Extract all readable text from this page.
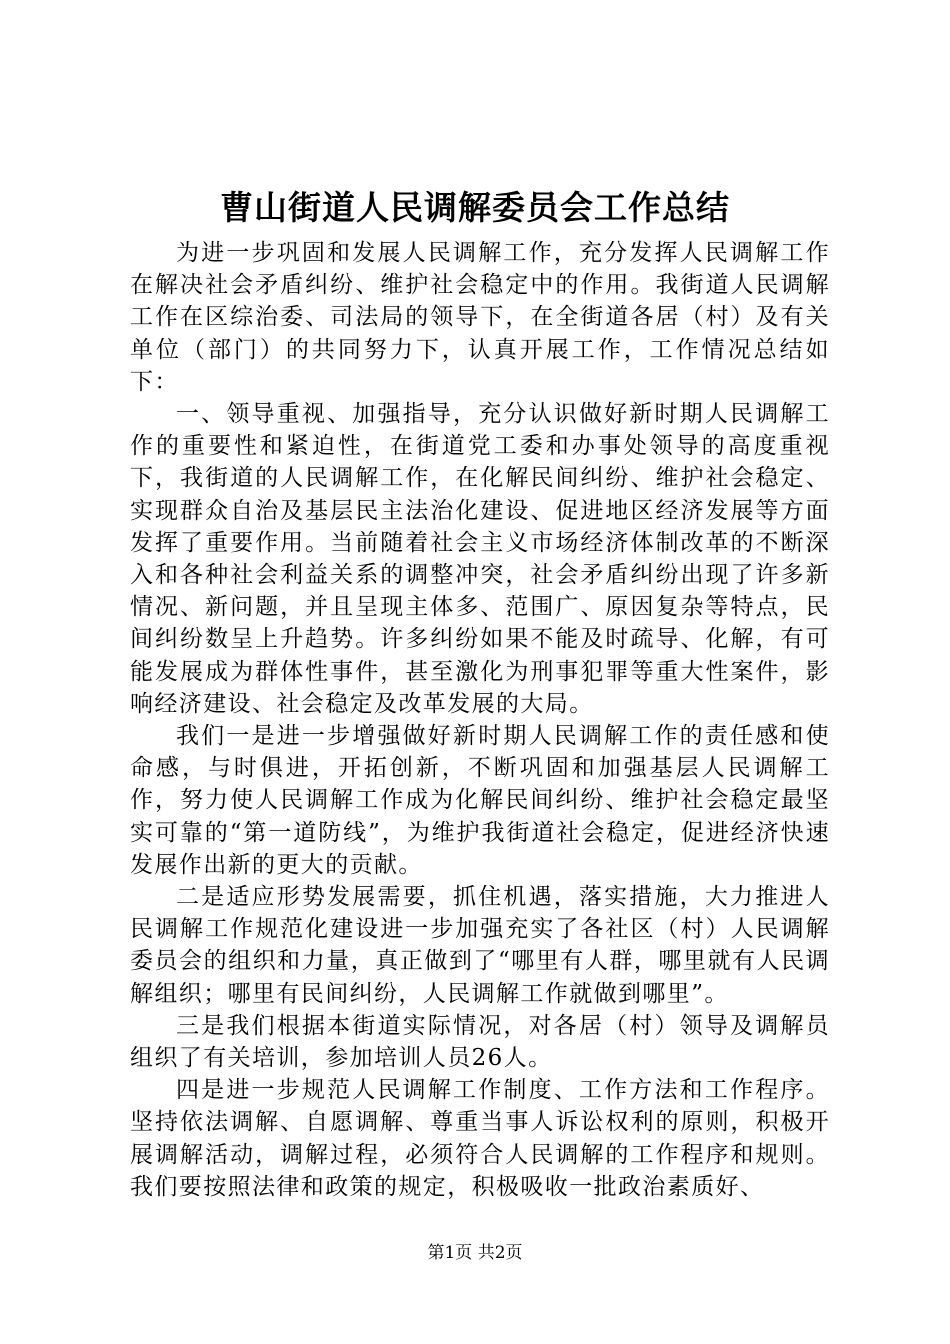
曹山街道人民调解委员会工作总结

为进一步巩固和发展人民调解工作，充分发挥人民调解工作在解决社会矛盾纠纷、维护社会稳定中的作用。我街道人民调解工作在区综治委、司法局的领导下，在全街道各居（村）及有关单位（部门）的共同努力下，认真开展工作，工作情况总结如下：

一、领导重视、加强指导，充分认识做好新时期人民调解工作的重要性和紧迫性，在街道党工委和办事处领导的高度重视下，我街道的人民调解工作，在化解民间纠纷、维护社会稳定、实现群众自治及基层民主法治化建设、促进地区经济发展等方面发挥了重要作用。当前随着社会主义市场经济体制改革的不断深入和各种社会利益关系的调整冲突，社会矛盾纠纷出现了许多新情况、新问题，并且呈现主体多、范围广、原因复杂等特点，民间纠纷数呈上升趋势。许多纠纷如果不能及时疏导、化解，有可能发展成为群体性事件，甚至激化为刑事犯罪等重大性案件，影响经济建设、社会稳定及改革发展的大局。

我们一是进一步增强做好新时期人民调解工作的责任感和使命感，与时俱进，开拓创新，不断巩固和加强基层人民调解工作，努力使人民调解工作成为化解民间纠纷、维护社会稳定最坚实可靠的“第一道防线”，为维护我街道社会稳定，促进经济快速发展作出新的更大的贡献。

二是适应形势发展需要，抓住机遇，落实措施，大力推进人民调解工作规范化建设进一步加强充实了各社区（村）人民调解委员会的组织和力量，真正做到了“哪里有人群，哪里就有人民调解组织；哪里有民间纠纷，人民调解工作就做到哪里”。

三是我们根据本街道实际情况，对各居（村）领导及调解员组织了有关培训，参加培训人员26人。

四是进一步规范人民调解工作制度、工作方法和工作程序。坚持依法调解、自愿调解、尊重当事人诉讼权利的原则，积极开展调解活动，调解过程，必须符合人民调解的工作程序和规则。我们要按照法律和政策的规定，积极吸收一批政治素质好、

第1页 共2页
